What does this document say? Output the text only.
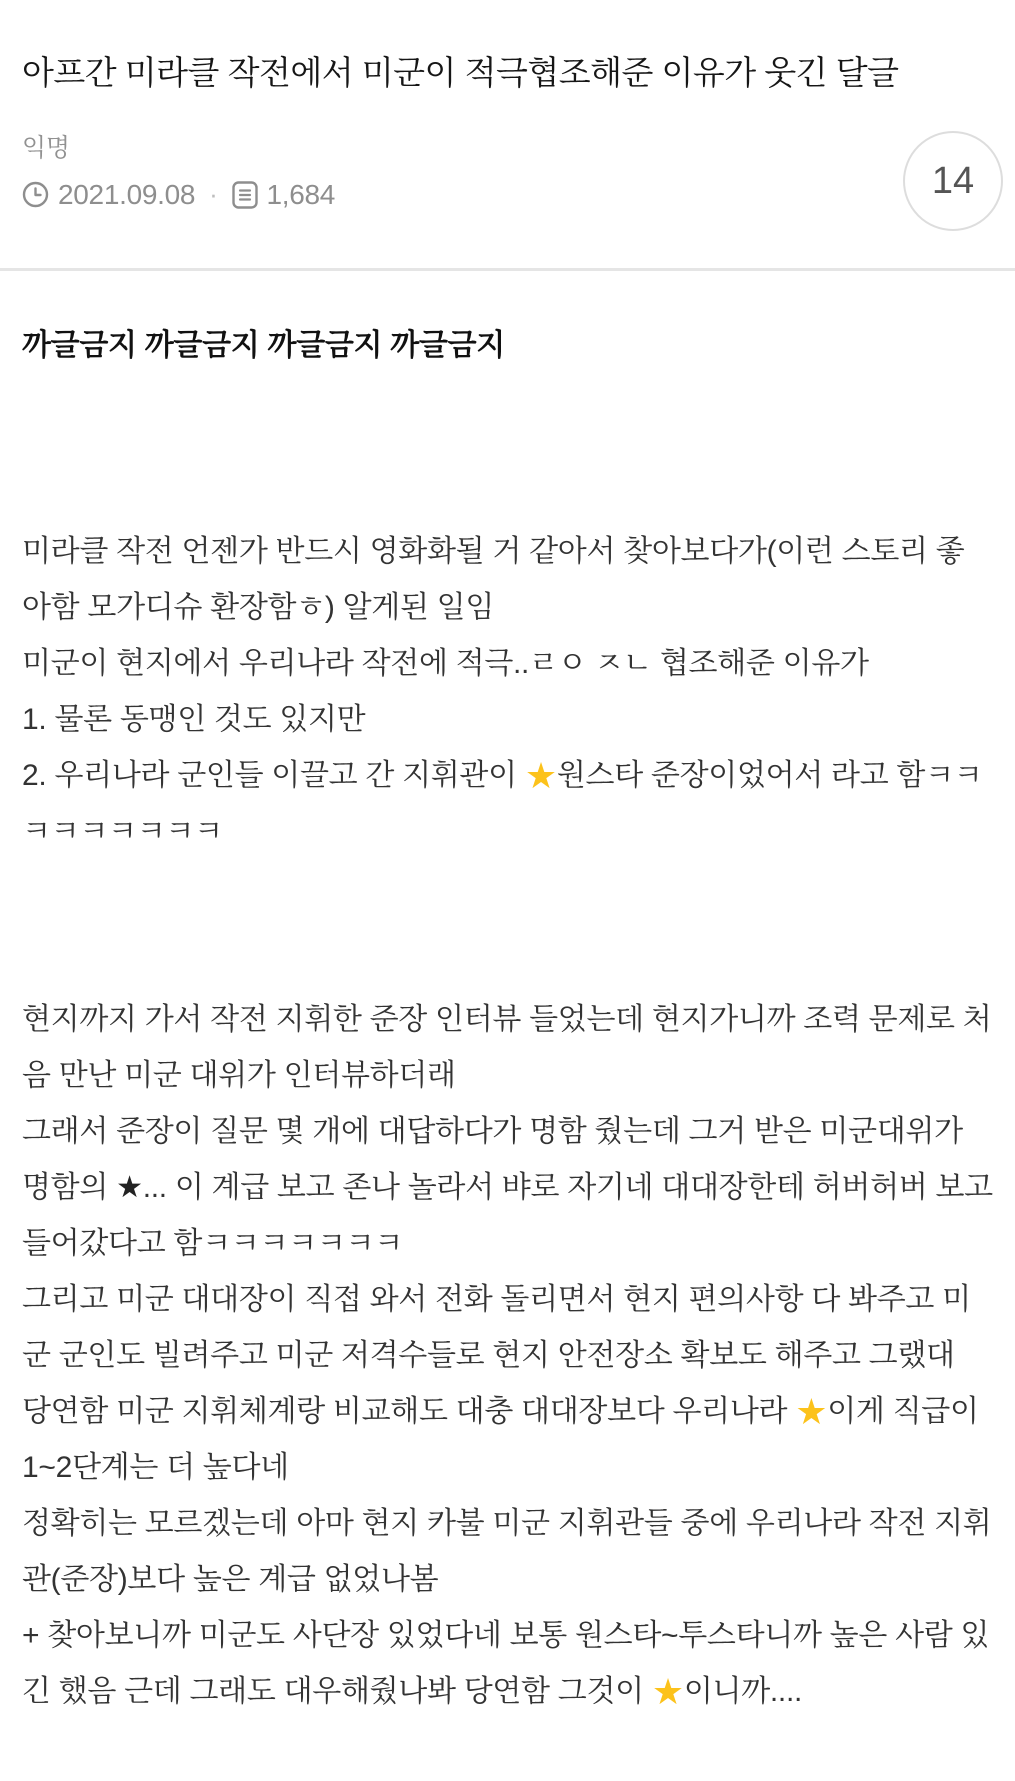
아프간 미라클 작전에서 미군이 적극협조해준 이유가 웃긴 달글
익명
2021.09.08 · 1,684	14

까글금지 까글금지 까글금지 까글금지

미라클 작전 언젠가 반드시 영화화될 거 같아서 찾아보다가(이런 스토리 좋아함 모가디슈 환장함ㅎ) 알게된 일임

미군이 현지에서 우리나라 작전에 적극..ㄹㅇ ㅈㄴ 협조해준 이유가

1. 물론 동맹인 것도 있지만

2. 우리나라 군인들 이끌고 간 지휘관이 ★원스타 준장이었어서 라고 함ㅋㅋㅋㅋㅋㅋㅋㅋㅋ

현지까지 가서 작전 지휘한 준장 인터뷰 들었는데 현지가니까 조력 문제로 처음 만난 미군 대위가 인터뷰하더래

그래서 준장이 질문 몇 개에 대답하다가 명함 줬는데 그거 받은 미군대위가 명함의 ★... 이 계급 보고 존나 놀라서 뱌로 자기네 대대장한테 허버허버 보고 들어갔다고 함ㅋㅋㅋㅋㅋㅋㅋ

그리고 미군 대대장이 직접 와서 전화 돌리면서 현지 편의사항 다 봐주고 미군 군인도 빌려주고 미군 저격수들로 현지 안전장소 확보도 해주고 그랬대

당연함 미군 지휘체계랑 비교해도 대충 대대장보다 우리나라 ★이게 직급이 1~2단계는 더 높다네

정확히는 모르겠는데 아마 현지 카불 미군 지휘관들 중에 우리나라 작전 지휘관(준장)보다 높은 계급 없었나봄

+ 찾아보니까 미군도 사단장 있었다네 보통 원스타~투스타니까 높은 사람 있긴 했음 근데 그래도 대우해줬나봐 당연함 그것이 ★이니까....
